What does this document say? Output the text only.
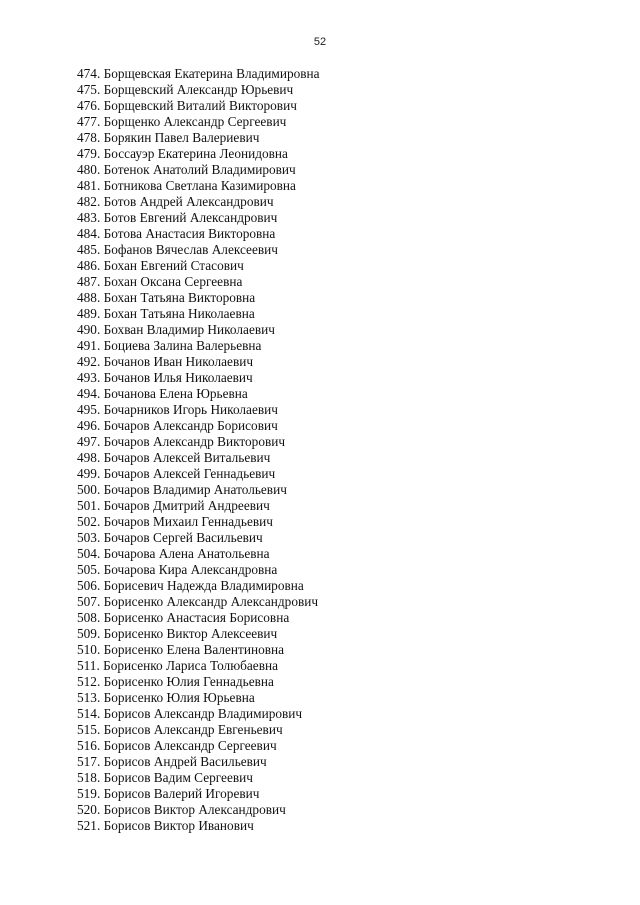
52
474. Борщевская Екатерина Владимировна
475. Борщевский Александр Юрьевич
476. Борщевский Виталий Викторович
477. Борщенко Александр Сергеевич
478. Борякин Павел Валериевич
479. Боссауэр Екатерина Леонидовна
480. Ботенок Анатолий Владимирович
481. Ботникова Светлана Казимировна
482. Ботов Андрей Александрович
483. Ботов Евгений Александрович
484. Ботова Анастасия Викторовна
485. Бофанов Вячеслав Алексеевич
486. Бохан Евгений Стасович
487. Бохан Оксана Сергеевна
488. Бохан Татьяна Викторовна
489. Бохан Татьяна Николаевна
490. Бохван Владимир Николаевич
491. Боциева Залина Валерьевна
492. Бочанов Иван Николаевич
493. Бочанов Илья Николаевич
494. Бочанова Елена Юрьевна
495. Бочарников Игорь Николаевич
496. Бочаров Александр Борисович
497. Бочаров Александр Викторович
498. Бочаров Алексей Витальевич
499. Бочаров Алексей Геннадьевич
500. Бочаров Владимир Анатольевич
501. Бочаров Дмитрий Андреевич
502. Бочаров Михаил Геннадьевич
503. Бочаров Сергей Васильевич
504. Бочарова Алена Анатольевна
505. Бочарова Кира Александровна
506. Борисевич Надежда Владимировна
507. Борисенко Александр Александрович
508. Борисенко Анастасия Борисовна
509. Борисенко Виктор Алексеевич
510. Борисенко Елена Валентиновна
511. Борисенко Лариса Толюбаевна
512. Борисенко Юлия Геннадьевна
513. Борисенко Юлия Юрьевна
514. Борисов Александр Владимирович
515. Борисов Александр Евгеньевич
516. Борисов Александр Сергеевич
517. Борисов Андрей Васильевич
518. Борисов Вадим Сергеевич
519. Борисов Валерий Игоревич
520. Борисов Виктор Александрович
521. Борисов Виктор Иванович
